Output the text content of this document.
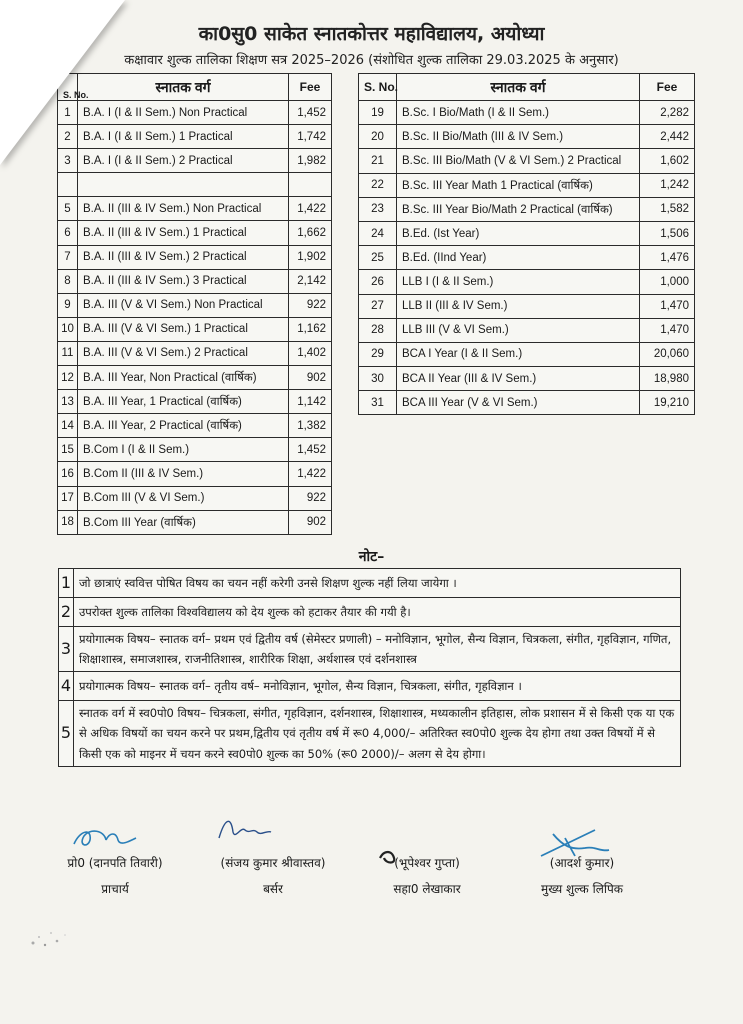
का0सु0 साकेत स्नातकोत्तर महाविद्यालय, अयोध्या
कक्षावार शुल्क तालिका शिक्षण सत्र 2025–2026 (संशोधित शुल्क तालिका 29.03.2025 के अनुसार)
S. No.	स्नातक वर्ग	Fee
1	B.A. I (I & II Sem.) Non Practical	1,452
2	B.A. I (I & II Sem.) 1 Practical	1,742
3	B.A. I (I & II Sem.) 2 Practical	1,982

5	B.A. II (III & IV Sem.) Non Practical	1,422
6	B.A. II (III & IV Sem.) 1 Practical	1,662
7	B.A. II (III & IV Sem.) 2 Practical	1,902
8	B.A. II (III & IV Sem.) 3 Practical	2,142
9	B.A. III (V & VI Sem.) Non Practical	922
10	B.A. III (V & VI Sem.) 1 Practical	1,162
11	B.A. III (V & VI Sem.) 2 Practical	1,402
12	B.A. III Year, Non Practical (वार्षिक)	902
13	B.A. III Year, 1 Practical (वार्षिक)	1,142
14	B.A. III Year, 2 Practical (वार्षिक)	1,382
15	B.Com I (I & II Sem.)	1,452
16	B.Com II (III & IV Sem.)	1,422
17	B.Com III (V & VI Sem.)	922
18	B.Com III Year (वार्षिक)	902
S. No.	स्नातक वर्ग	Fee
19	B.Sc. I Bio/Math (I & II Sem.)	2,282
20	B.Sc. II Bio/Math (III & IV Sem.)	2,442
21	B.Sc. III Bio/Math (V & VI Sem.) 2 Practical	1,602
22	B.Sc. III Year Math 1 Practical (वार्षिक)	1,242
23	B.Sc. III Year Bio/Math 2 Practical (वार्षिक)	1,582
24	B.Ed. (Ist Year)	1,506
25	B.Ed. (IInd Year)	1,476
26	LLB I (I & II Sem.)	1,000
27	LLB II (III & IV Sem.)	1,470
28	LLB III (V & VI Sem.)	1,470
29	BCA I Year (I & II Sem.)	20,060
30	BCA II Year (III & IV Sem.)	18,980
31	BCA III Year (V & VI Sem.)	19,210
नोट–
1	जो छात्राएं स्ववित्त पोषित विषय का चयन नहीं करेगी उनसे शिक्षण शुल्क नहीं लिया जायेगा ।
2	उपरोक्त शुल्क तालिका विश्वविद्यालय को देय शुल्क को हटाकर तैयार की गयी है।
3	प्रयोगात्मक विषय– स्नातक वर्ग– प्रथम एवं द्वितीय वर्ष (सेमेस्टर प्रणाली) – मनोविज्ञान, भूगोल, सैन्य विज्ञान, चित्रकला, संगीत, गृहविज्ञान, गणित, शिक्षाशास्त्र, समाजशास्त्र, राजनीतिशास्त्र, शारीरिक शिक्षा, अर्थशास्त्र एवं दर्शनशास्त्र
4	प्रयोगात्मक विषय– स्नातक वर्ग– तृतीय वर्ष– मनोविज्ञान, भूगोल, सैन्य विज्ञान, चित्रकला, संगीत, गृहविज्ञान ।
5	स्नातक वर्ग में स्व0पो0 विषय– चित्रकला, संगीत, गृहविज्ञान, दर्शनशास्त्र, शिक्षाशास्त्र, मध्यकालीन इतिहास, लोक प्रशासन में से किसी एक या एक से अधिक विषयों का चयन करने पर प्रथम,द्वितीय एवं तृतीय वर्ष में रू0 4,000/– अतिरिक्त स्व0पो0 शुल्क देय होगा तथा उक्त विषयों में से किसी एक को माइनर में चयन करने स्व0पो0 शुल्क का 50% (रू0 2000)/– अलग से देय होगा।
प्रो0 (दानपति तिवारी)
प्राचार्य
(संजय कुमार श्रीवास्तव)
बर्सर
(भूपेश्वर गुप्ता)
सहा0 लेखाकार
(आदर्श कुमार)
मुख्य शुल्क लिपिक
